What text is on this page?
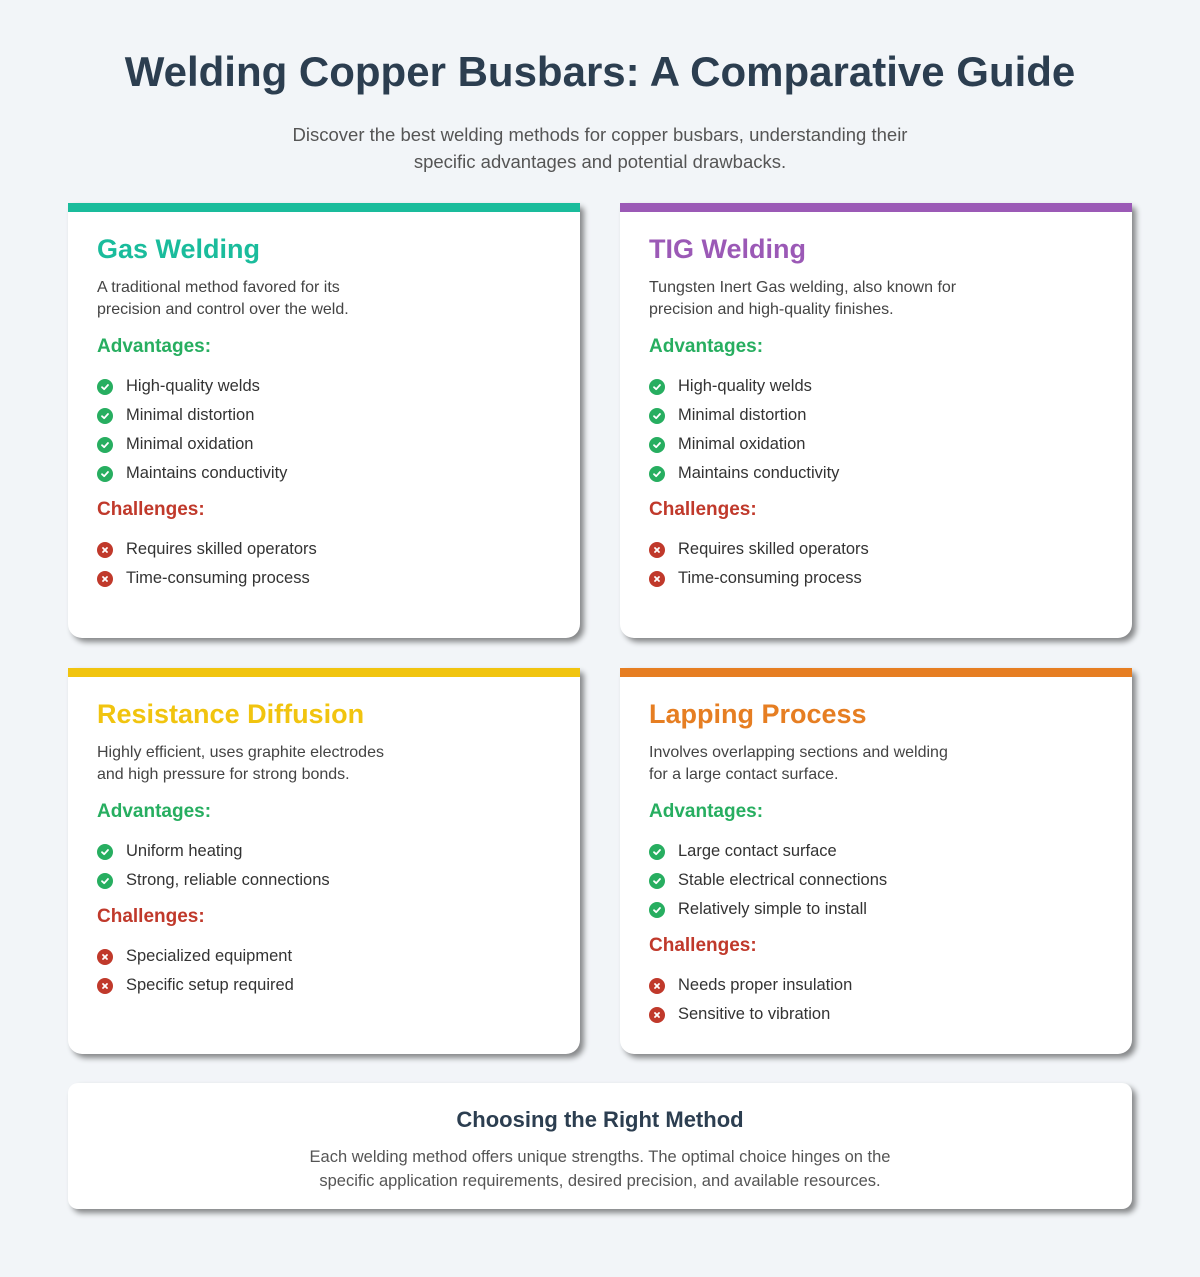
Welding Copper Busbars: A Comparative Guide

Discover the best welding methods for copper busbars, understanding their specific advantages and potential drawbacks.

Gas Welding

A traditional method favored for its precision and control over the weld.

Advantages:
High-quality welds
Minimal distortion
Minimal oxidation
Maintains conductivity
Challenges:
Requires skilled operators
Time-consuming process
TIG Welding

Tungsten Inert Gas welding, also known for precision and high-quality finishes.

Advantages:
High-quality welds
Minimal distortion
Minimal oxidation
Maintains conductivity
Challenges:
Requires skilled operators
Time-consuming process
Resistance Diffusion

Highly efficient, uses graphite electrodes and high pressure for strong bonds.

Advantages:
Uniform heating
Strong, reliable connections
Challenges:
Specialized equipment
Specific setup required
Lapping Process

Involves overlapping sections and welding for a large contact surface.

Advantages:
Large contact surface
Stable electrical connections
Relatively simple to install
Challenges:
Needs proper insulation
Sensitive to vibration
Choosing the Right Method

Each welding method offers unique strengths. The optimal choice hinges on the specific application requirements, desired precision, and available resources.
